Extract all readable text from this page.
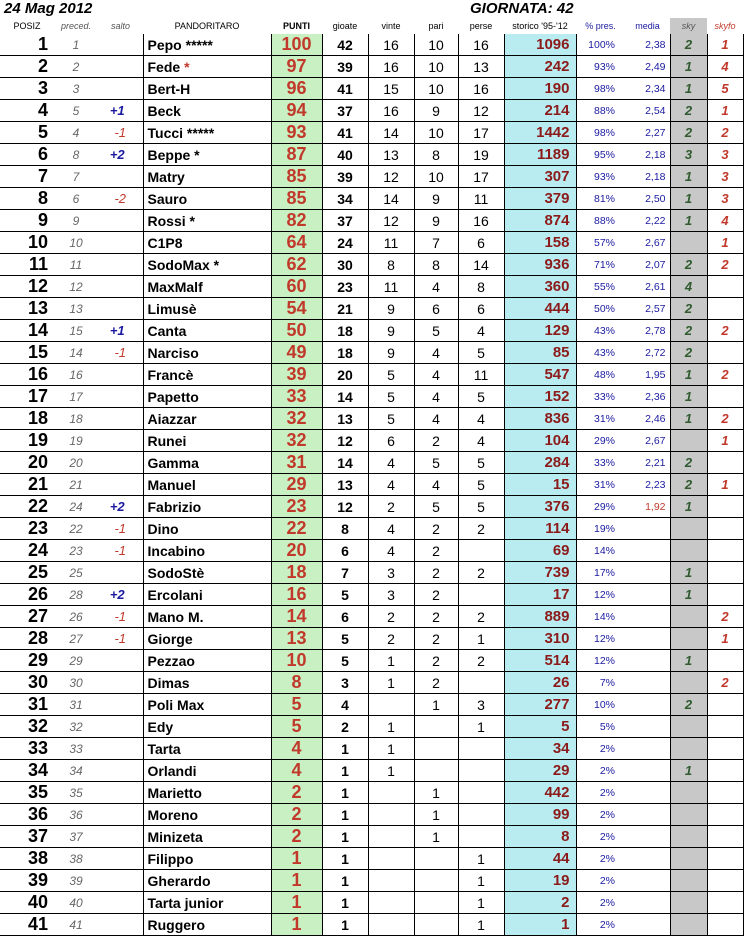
24 Mag 2012	GIORNATA: 42
POSIZ	preced.	salto	PANDORITARO	PUNTI	gioate	vinte	pari	perse	storico '95-'12	% pres.	media	sky	skyfo
1	1		Pepo *****	100	42	16	10	16	1096	100%	2,38	2	1
2	2		Fede *	97	39	16	10	13	242	93%	2,49	1	4
3	3		Bert-H	96	41	15	10	16	190	98%	2,34	1	5
4	5	+1	Beck	94	37	16	9	12	214	88%	2,54	2	1
5	4	-1	Tucci *****	93	41	14	10	17	1442	98%	2,27	2	2
6	8	+2	Beppe *	87	40	13	8	19	1189	95%	2,18	3	3
7	7		Matry	85	39	12	10	17	307	93%	2,18	1	3
8	6	-2	Sauro	85	34	14	9	11	379	81%	2,50	1	3
9	9		Rossi *	82	37	12	9	16	874	88%	2,22	1	4
10	10		C1P8	64	24	11	7	6	158	57%	2,67		1
11	11		SodoMax *	62	30	8	8	14	936	71%	2,07	2	2
12	12		MaxMalf	60	23	11	4	8	360	55%	2,61	4	
13	13		Limusè	54	21	9	6	6	444	50%	2,57	2	
14	15	+1	Canta	50	18	9	5	4	129	43%	2,78	2	2
15	14	-1	Narciso	49	18	9	4	5	85	43%	2,72	2	
16	16		Francè	39	20	5	4	11	547	48%	1,95	1	2
17	17		Papetto	33	14	5	4	5	152	33%	2,36	1	
18	18		Aiazzar	32	13	5	4	4	836	31%	2,46	1	2
19	19		Runei	32	12	6	2	4	104	29%	2,67		1
20	20		Gamma	31	14	4	5	5	284	33%	2,21	2	
21	21		Manuel	29	13	4	4	5	15	31%	2,23	2	1
22	24	+2	Fabrizio	23	12	2	5	5	376	29%	1,92	1	
23	22	-1	Dino	22	8	4	2	2	114	19%			
24	23	-1	Incabino	20	6	4	2		69	14%			
25	25		SodoStè	18	7	3	2	2	739	17%		1	
26	28	+2	Ercolani	16	5	3	2		17	12%		1	
27	26	-1	Mano M.	14	6	2	2	2	889	14%			2
28	27	-1	Giorge	13	5	2	2	1	310	12%			1
29	29		Pezzao	10	5	1	2	2	514	12%		1	
30	30		Dimas	8	3	1	2		26	7%			2
31	31		Poli Max	5	4		1	3	277	10%		2	
32	32		Edy	5	2	1		1	5	5%			
33	33		Tarta	4	1	1			34	2%			
34	34		Orlandi	4	1	1			29	2%		1	
35	35		Marietto	2	1		1		442	2%			
36	36		Moreno	2	1		1		99	2%			
37	37		Minizeta	2	1		1		8	2%			
38	38		Filippo	1	1			1	44	2%			
39	39		Gherardo	1	1			1	19	2%			
40	40		Tarta junior	1	1			1	2	2%			
41	41		Ruggero	1	1			1	1	2%			
